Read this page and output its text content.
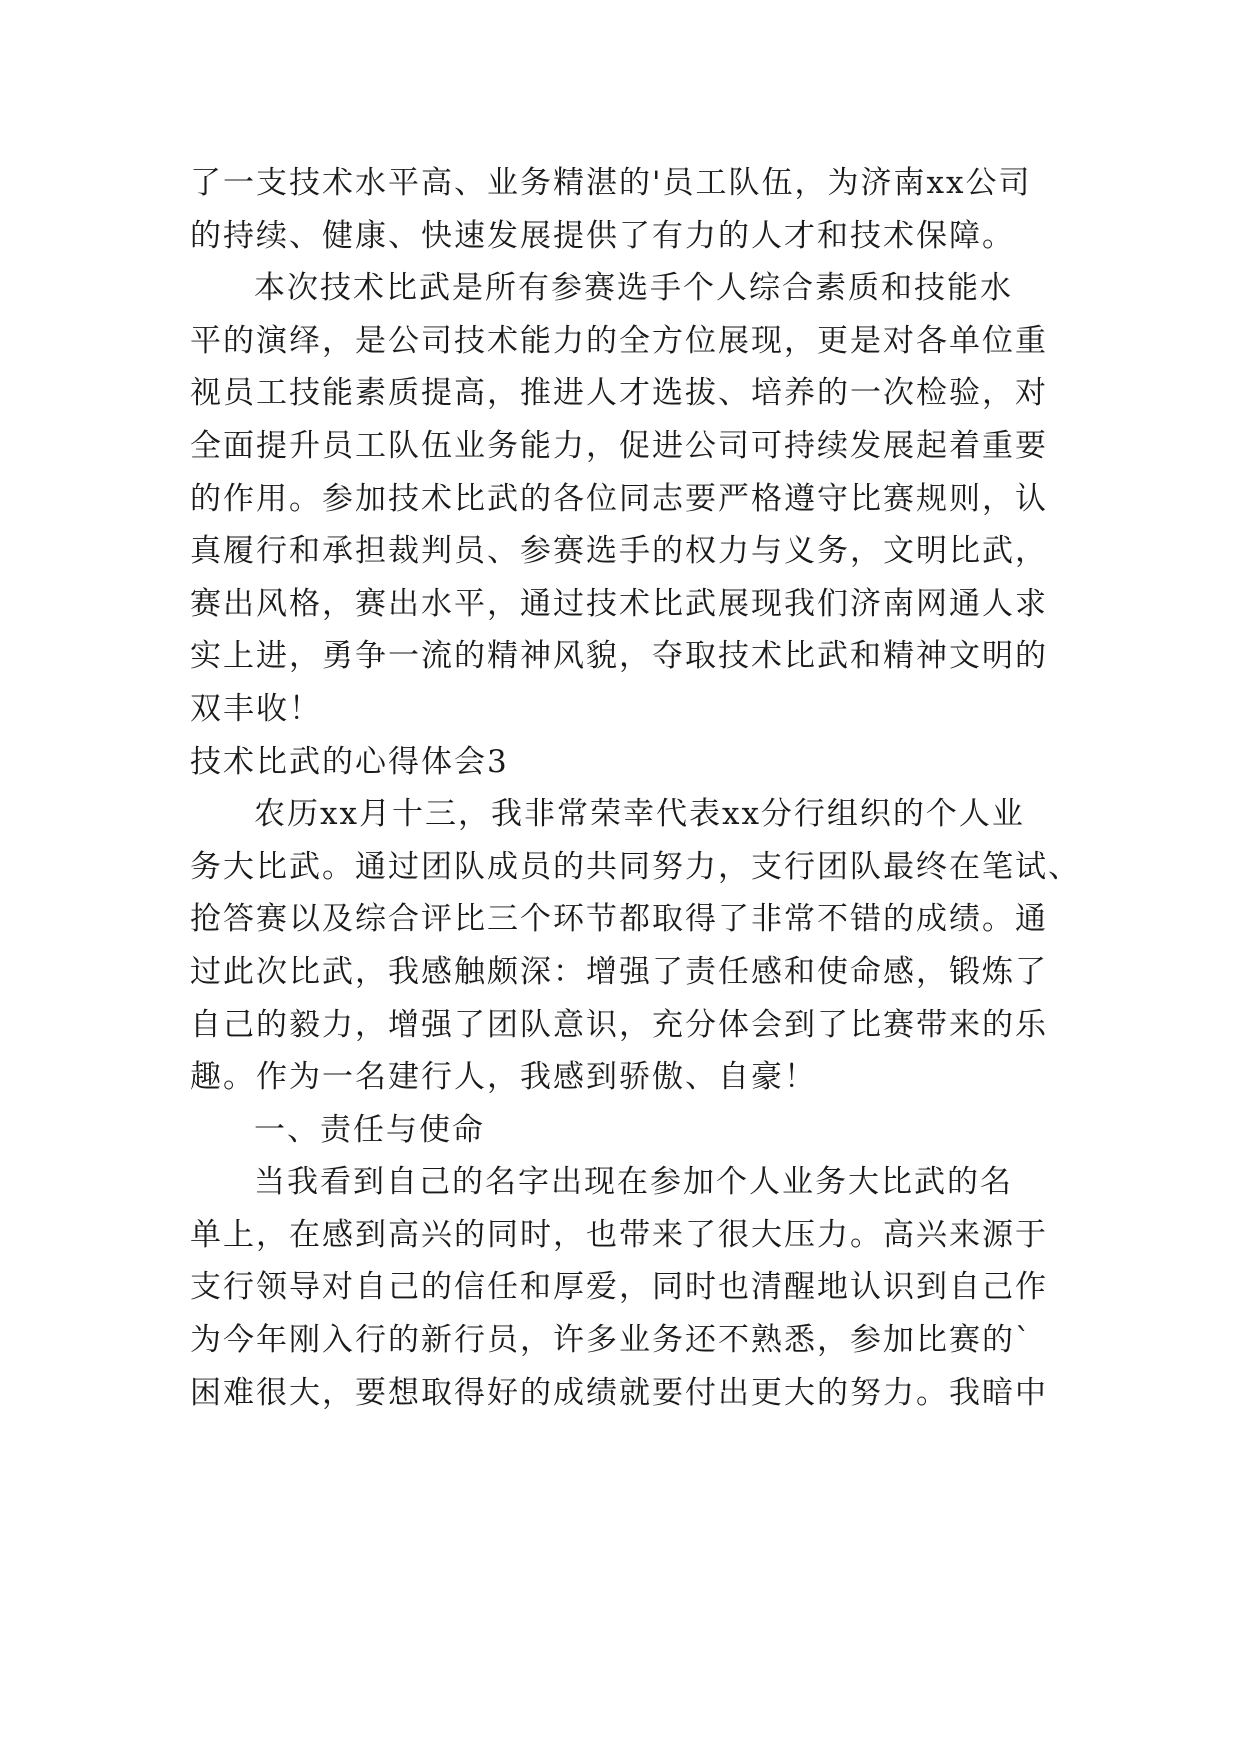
了一支技术水平高、业务精湛的'员工队伍，为济南xx公司
的持续、健康、快速发展提供了有力的人才和技术保障。
本次技术比武是所有参赛选手个人综合素质和技能水
平的演绎，是公司技术能力的全方位展现，更是对各单位重
视员工技能素质提高，推进人才选拔、培养的一次检验，对
全面提升员工队伍业务能力，促进公司可持续发展起着重要
的作用。参加技术比武的各位同志要严格遵守比赛规则，认
真履行和承担裁判员、参赛选手的权力与义务，文明比武，
赛出风格，赛出水平，通过技术比武展现我们济南网通人求
实上进，勇争一流的精神风貌，夺取技术比武和精神文明的
双丰收！
技术比武的心得体会3
农历xx月十三，我非常荣幸代表xx分行组织的个人业
务大比武。通过团队成员的共同努力，支行团队最终在笔试、
抢答赛以及综合评比三个环节都取得了非常不错的成绩。通
过此次比武，我感触颇深：增强了责任感和使命感，锻炼了
自己的毅力，增强了团队意识，充分体会到了比赛带来的乐
趣。作为一名建行人，我感到骄傲、自豪！
一、责任与使命
当我看到自己的名字出现在参加个人业务大比武的名
单上，在感到高兴的同时，也带来了很大压力。高兴来源于
支行领导对自己的信任和厚爱，同时也清醒地认识到自己作
为今年刚入行的新行员，许多业务还不熟悉，参加比赛的`
困难很大，要想取得好的成绩就要付出更大的努力。我暗中
